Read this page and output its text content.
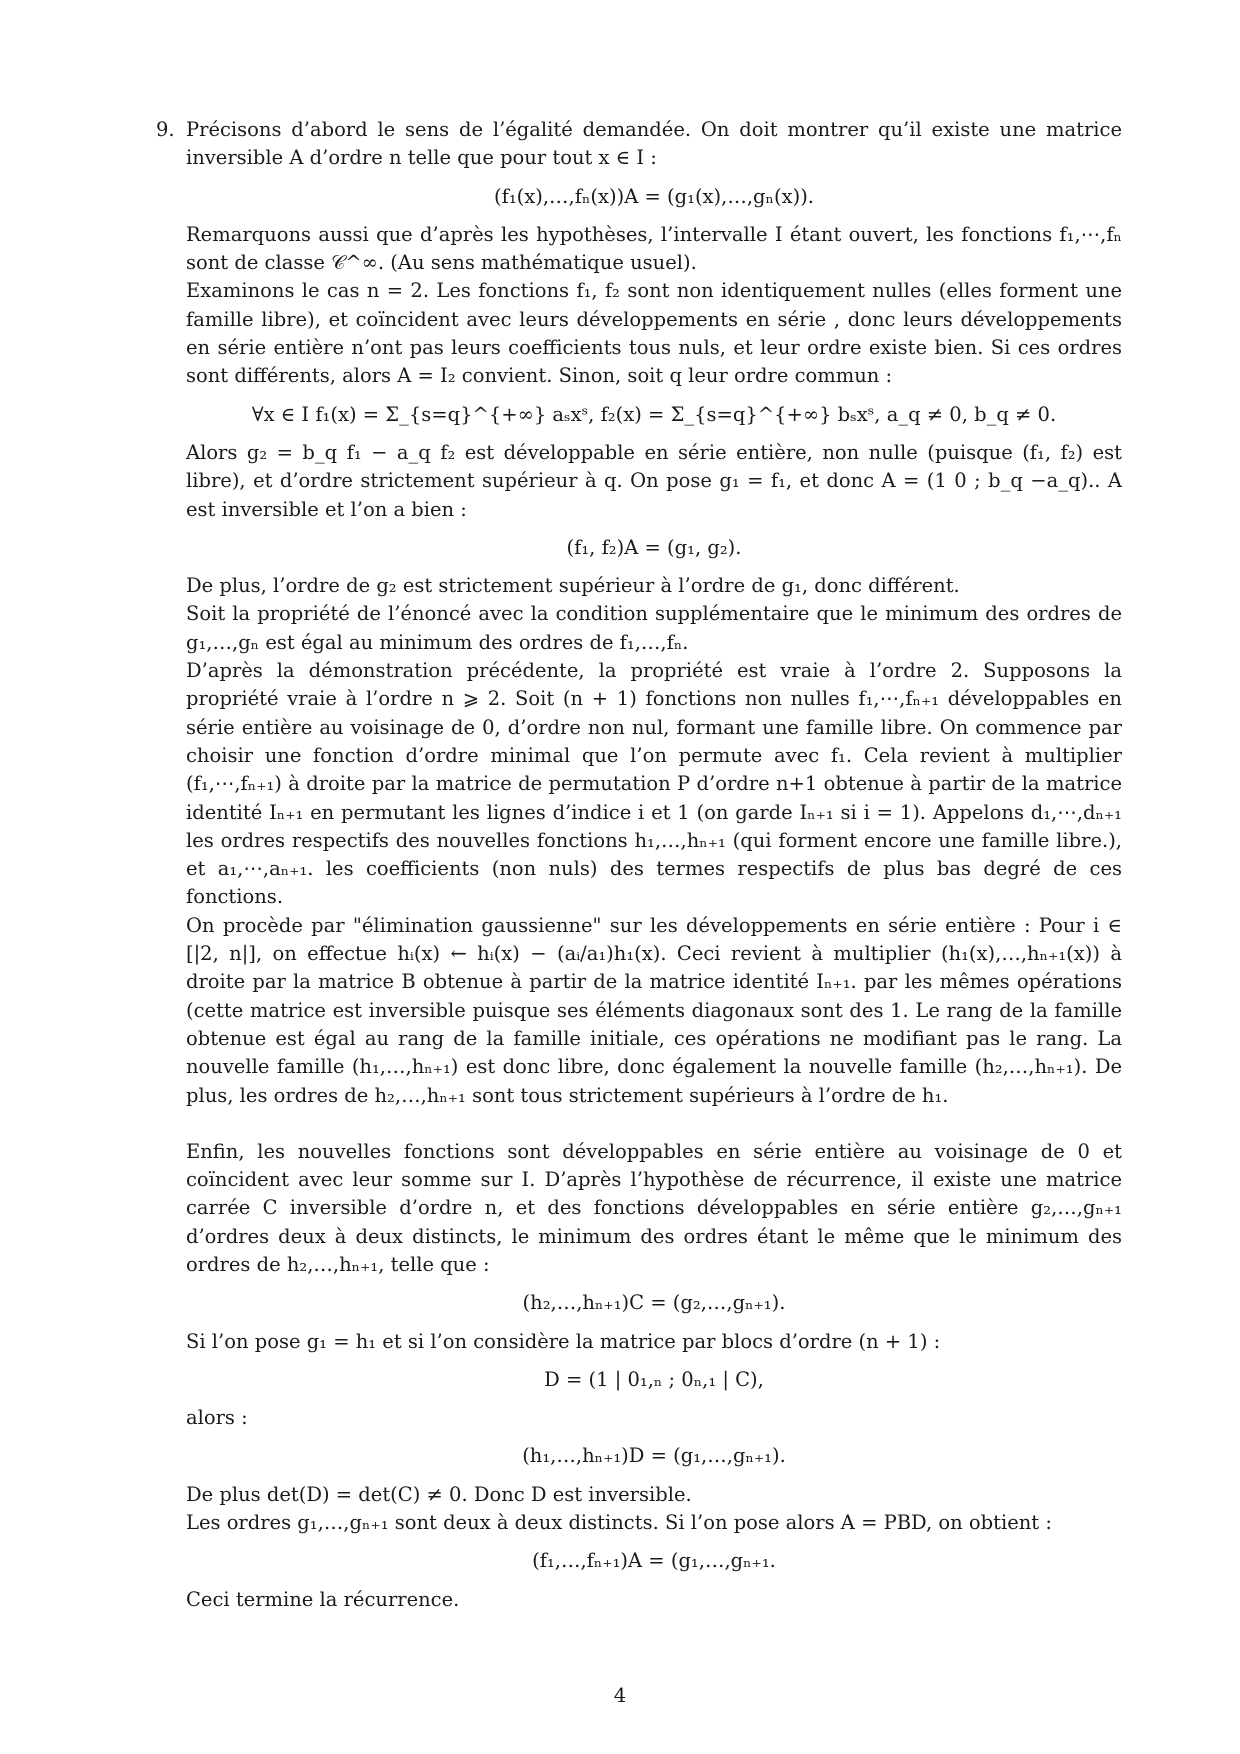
9. Précisons d’abord le sens de l’égalité demandée. On doit montrer qu’il existe une matrice inversible A d’ordre n telle que pour tout x ∈ I :

(f₁(x),…,fₙ(x))A = (g₁(x),…,gₙ(x)).

Remarquons aussi que d’après les hypothèses, l’intervalle I étant ouvert, les fonctions f₁,⋯,fₙ sont de classe 𝒞^∞. (Au sens mathématique usuel).

Examinons le cas n = 2. Les fonctions f₁, f₂ sont non identiquement nulles (elles forment une famille libre), et coïncident avec leurs développements en série , donc leurs développements en série entière n’ont pas leurs coefficients tous nuls, et leur ordre existe bien. Si ces ordres sont différents, alors A = I₂ convient. Sinon, soit q leur ordre commun :

∀x ∈ I f₁(x) = Σ_{s=q}^{+∞} aₛxˢ, f₂(x) = Σ_{s=q}^{+∞} bₛxˢ, a_q ≠ 0, b_q ≠ 0.

Alors g₂ = b_q f₁ − a_q f₂ est développable en série entière, non nulle (puisque (f₁, f₂) est libre), et d’ordre strictement supérieur à q. On pose g₁ = f₁, et donc A = (1 0 ; b_q −a_q).. A est inversible et l’on a bien :

(f₁, f₂)A = (g₁, g₂).

De plus, l’ordre de g₂ est strictement supérieur à l’ordre de g₁, donc différent.

Soit la propriété de l’énoncé avec la condition supplémentaire que le minimum des ordres de g₁,…,gₙ est égal au minimum des ordres de f₁,…,fₙ.

D’après la démonstration précédente, la propriété est vraie à l’ordre 2. Supposons la propriété vraie à l’ordre n ⩾ 2. Soit (n + 1) fonctions non nulles f₁,⋯,fₙ₊₁ développables en série entière au voisinage de 0, d’ordre non nul, formant une famille libre. On commence par choisir une fonction d’ordre minimal que l’on permute avec f₁. Cela revient à multiplier (f₁,⋯,fₙ₊₁) à droite par la matrice de permutation P d’ordre n+1 obtenue à partir de la matrice identité Iₙ₊₁ en permutant les lignes d’indice i et 1 (on garde Iₙ₊₁ si i = 1). Appelons d₁,⋯,dₙ₊₁ les ordres respectifs des nouvelles fonctions h₁,…,hₙ₊₁ (qui forment encore une famille libre.), et a₁,⋯,aₙ₊₁. les coefficients (non nuls) des termes respectifs de plus bas degré de ces fonctions.

On procède par "élimination gaussienne" sur les développements en série entière : Pour i ∈ [|2, n|], on effectue hᵢ(x) ← hᵢ(x) − (aᵢ/a₁)h₁(x). Ceci revient à multiplier (h₁(x),…,hₙ₊₁(x)) à droite par la matrice B obtenue à partir de la matrice identité Iₙ₊₁. par les mêmes opérations (cette matrice est inversible puisque ses éléments diagonaux sont des 1. Le rang de la famille obtenue est égal au rang de la famille initiale, ces opérations ne modifiant pas le rang. La nouvelle famille (h₁,…,hₙ₊₁) est donc libre, donc également la nouvelle famille (h₂,…,hₙ₊₁). De plus, les ordres de h₂,…,hₙ₊₁ sont tous strictement supérieurs à l’ordre de h₁.

Enfin, les nouvelles fonctions sont développables en série entière au voisinage de 0 et coïncident avec leur somme sur I. D’après l’hypothèse de récurrence, il existe une matrice carrée C inversible d’ordre n, et des fonctions développables en série entière g₂,…,gₙ₊₁ d’ordres deux à deux distincts, le minimum des ordres étant le même que le minimum des ordres de h₂,…,hₙ₊₁, telle que :

(h₂,…,hₙ₊₁)C = (g₂,…,gₙ₊₁).

Si l’on pose g₁ = h₁ et si l’on considère la matrice par blocs d’ordre (n + 1) :

D = (1 | 0₁,ₙ ; 0ₙ,₁ | C),

alors :

(h₁,…,hₙ₊₁)D = (g₁,…,gₙ₊₁).

De plus det(D) = det(C) ≠ 0. Donc D est inversible.

Les ordres g₁,…,gₙ₊₁ sont deux à deux distincts. Si l’on pose alors A = PBD, on obtient :

(f₁,…,fₙ₊₁)A = (g₁,…,gₙ₊₁.

Ceci termine la récurrence.

4
